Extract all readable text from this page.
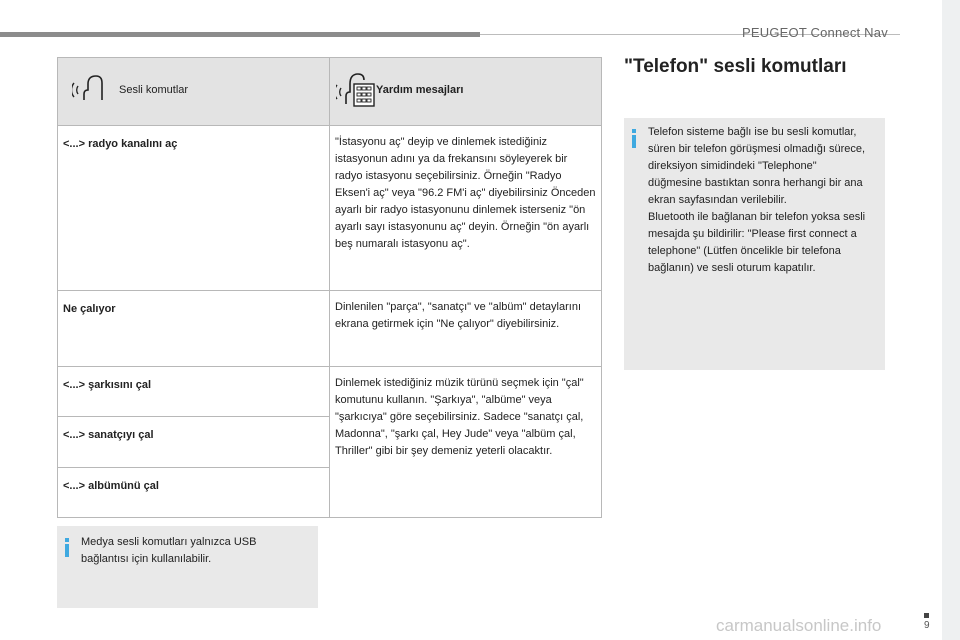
PEUGEOT Connect Nav
Sesli komutlar	Yardım mesajları

<...> radyo kanalını aç	"İstasyonu aç" deyip ve dinlemek istediğiniz istasyonun adını ya da frekansını söyleyerek bir radyo istasyonu seçebilirsiniz. Örneğin "Radyo Eksen'i aç" veya "96.2 FM'i aç" diyebilirsiniz Önceden ayarlı bir radyo istasyonunu dinlemek isterseniz "ön ayarlı sayı istasyonunu aç" deyin. Örneğin "ön ayarlı beş numaralı istasyonu aç".
Ne çalıyor	Dinlenilen "parça", "sanatçı" ve "albüm" detaylarını ekrana getirmek için "Ne çalıyor" diyebilirsiniz.
<...> şarkısını çal	Dinlemek istediğiniz müzik türünü seçmek için "çal" komutunu kullanın. "Şarkıya", "albüme" veya "şarkıcıya" göre seçebilirsiniz. Sadece "sanatçı çal, Madonna", "şarkı çal, Hey Jude" veya "albüm çal, Thriller" gibi bir şey demeniz yeterli olacaktır.
<...> sanatçıyı çal	
<...> albümünü çal	
Medya sesli komutları yalnızca USB bağlantısı için kullanılabilir.
"Telefon" sesli komutları
Telefon sisteme bağlı ise bu sesli komutlar, süren bir telefon görüşmesi olmadığı sürece, direksiyon simidindeki "Telephone" düğmesine bastıktan sonra herhangi bir ana ekran sayfasından verilebilir.
Bluetooth ile bağlanan bir telefon yoksa sesli mesajda şu bildirilir: "Please first connect a telephone" (Lütfen öncelikle bir telefona bağlanın) ve sesli oturum kapatılır.
9
carmanualsonline.info
